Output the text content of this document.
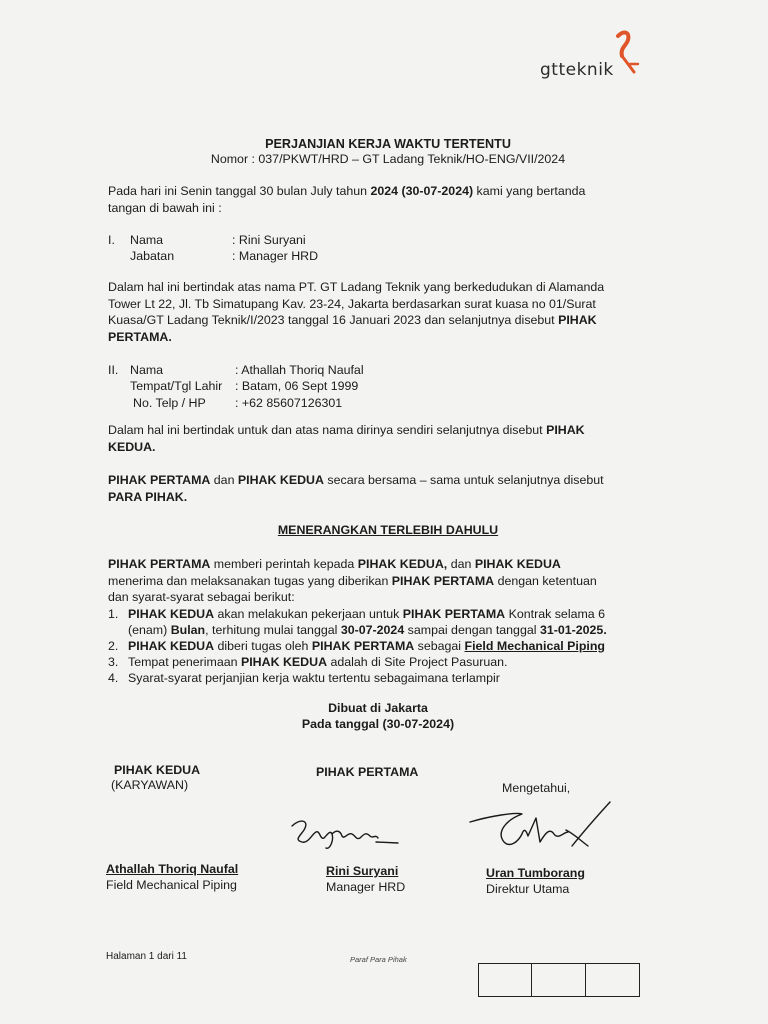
gtteknik
PERJANJIAN KERJA WAKTU TERTENTU
Nomor : 037/PKWT/HRD – GT Ladang Teknik/HO-ENG/VII/2024
Pada hari ini Senin tanggal 30 bulan July tahun 2024 (30-07-2024) kami yang bertanda
tangan di bawah ini :
I. Nama	: Rini Suryani
Jabatan	: Manager HRD
Dalam hal ini bertindak atas nama PT. GT Ladang Teknik yang berkedudukan di Alamanda
Tower Lt 22, Jl. Tb Simatupang Kav. 23-24, Jakarta berdasarkan surat kuasa no 01/Surat
Kuasa/GT Ladang Teknik/I/2023 tanggal 16 Januari 2023 dan selanjutnya disebut PIHAK
PERTAMA.
II. Nama	: Athallah Thoriq Naufal
Tempat/Tgl Lahir : Batam, 06 Sept 1999
No. Telp / HP : +62 85607126301
Dalam hal ini bertindak untuk dan atas nama dirinya sendiri selanjutnya disebut PIHAK
KEDUA.
PIHAK PERTAMA dan PIHAK KEDUA secara bersama – sama untuk selanjutnya disebut
PARA PIHAK.
MENERANGKAN TERLEBIH DAHULU
PIHAK PERTAMA memberi perintah kepada PIHAK KEDUA, dan PIHAK KEDUA
menerima dan melaksanakan tugas yang diberikan PIHAK PERTAMA dengan ketentuan
dan syarat-syarat sebagai berikut:
1. PIHAK KEDUA akan melakukan pekerjaan untuk PIHAK PERTAMA Kontrak selama 6
(enam) Bulan, terhitung mulai tanggal 30-07-2024 sampai dengan tanggal 31-01-2025.
2. PIHAK KEDUA diberi tugas oleh PIHAK PERTAMA sebagai Field Mechanical Piping
3. Tempat penerimaan PIHAK KEDUA adalah di Site Project Pasuruan.
4. Syarat-syarat perjanjian kerja waktu tertentu sebagaimana terlampir
Dibuat di Jakarta
Pada tanggal (30-07-2024)
PIHAK KEDUA
(KARYAWAN)
PIHAK PERTAMA
Mengetahui,
Athallah Thoriq Naufal
Field Mechanical Piping
Rini Suryani
Manager HRD
Uran Tumborang
Direktur Utama
Halaman 1 dari 11	Paraf Para Pihak
